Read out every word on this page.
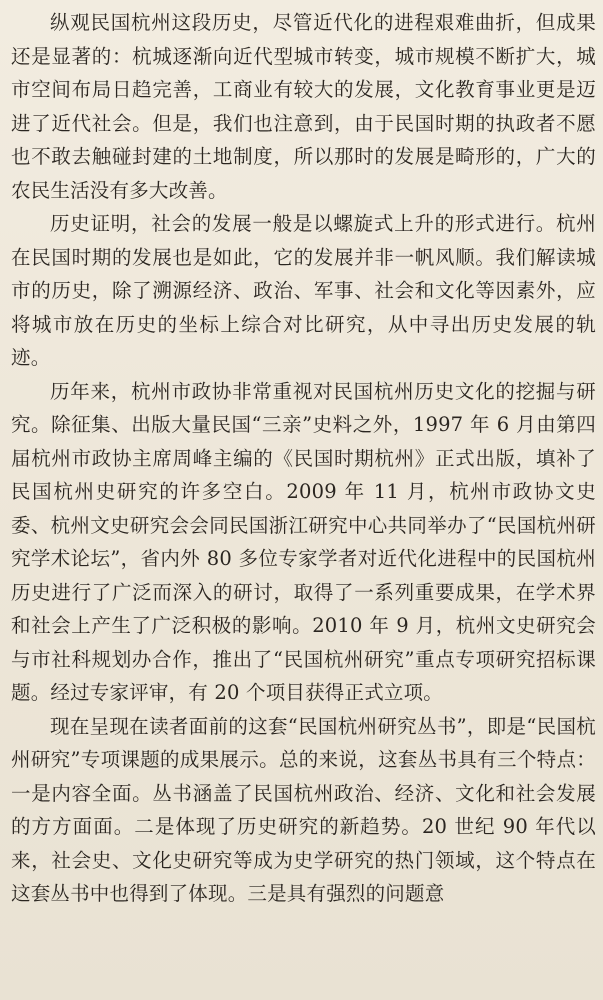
纵观民国杭州这段历史，尽管近代化的进程艰难曲折，但成果还是显著的：杭城逐渐向近代型城市转变，城市规模不断扩大，城市空间布局日趋完善，工商业有较大的发展，文化教育事业更是迈进了近代社会。但是，我们也注意到，由于民国时期的执政者不愿也不敢去触碰封建的土地制度，所以那时的发展是畸形的，广大的农民生活没有多大改善。

历史证明，社会的发展一般是以螺旋式上升的形式进行。杭州在民国时期的发展也是如此，它的发展并非一帆风顺。我们解读城市的历史，除了溯源经济、政治、军事、社会和文化等因素外，应将城市放在历史的坐标上综合对比研究，从中寻出历史发展的轨迹。

历年来，杭州市政协非常重视对民国杭州历史文化的挖掘与研究。除征集、出版大量民国“三亲”史料之外，1997 年 6 月由第四届杭州市政协主席周峰主编的《民国时期杭州》正式出版，填补了民国杭州史研究的许多空白。2009 年 11 月，杭州市政协文史委、杭州文史研究会会同民国浙江研究中心共同举办了“民国杭州研究学术论坛”，省内外 80 多位专家学者对近代化进程中的民国杭州历史进行了广泛而深入的研讨，取得了一系列重要成果，在学术界和社会上产生了广泛积极的影响。2010 年 9 月，杭州文史研究会与市社科规划办合作，推出了“民国杭州研究”重点专项研究招标课题。经过专家评审，有 20 个项目获得正式立项。

现在呈现在读者面前的这套“民国杭州研究丛书”，即是“民国杭州研究”专项课题的成果展示。总的来说，这套丛书具有三个特点：一是内容全面。丛书涵盖了民国杭州政治、经济、文化和社会发展的方方面面。二是体现了历史研究的新趋势。20 世纪 90 年代以来，社会史、文化史研究等成为史学研究的热门领域，这个特点在这套丛书中也得到了体现。三是具有强烈的问题意
